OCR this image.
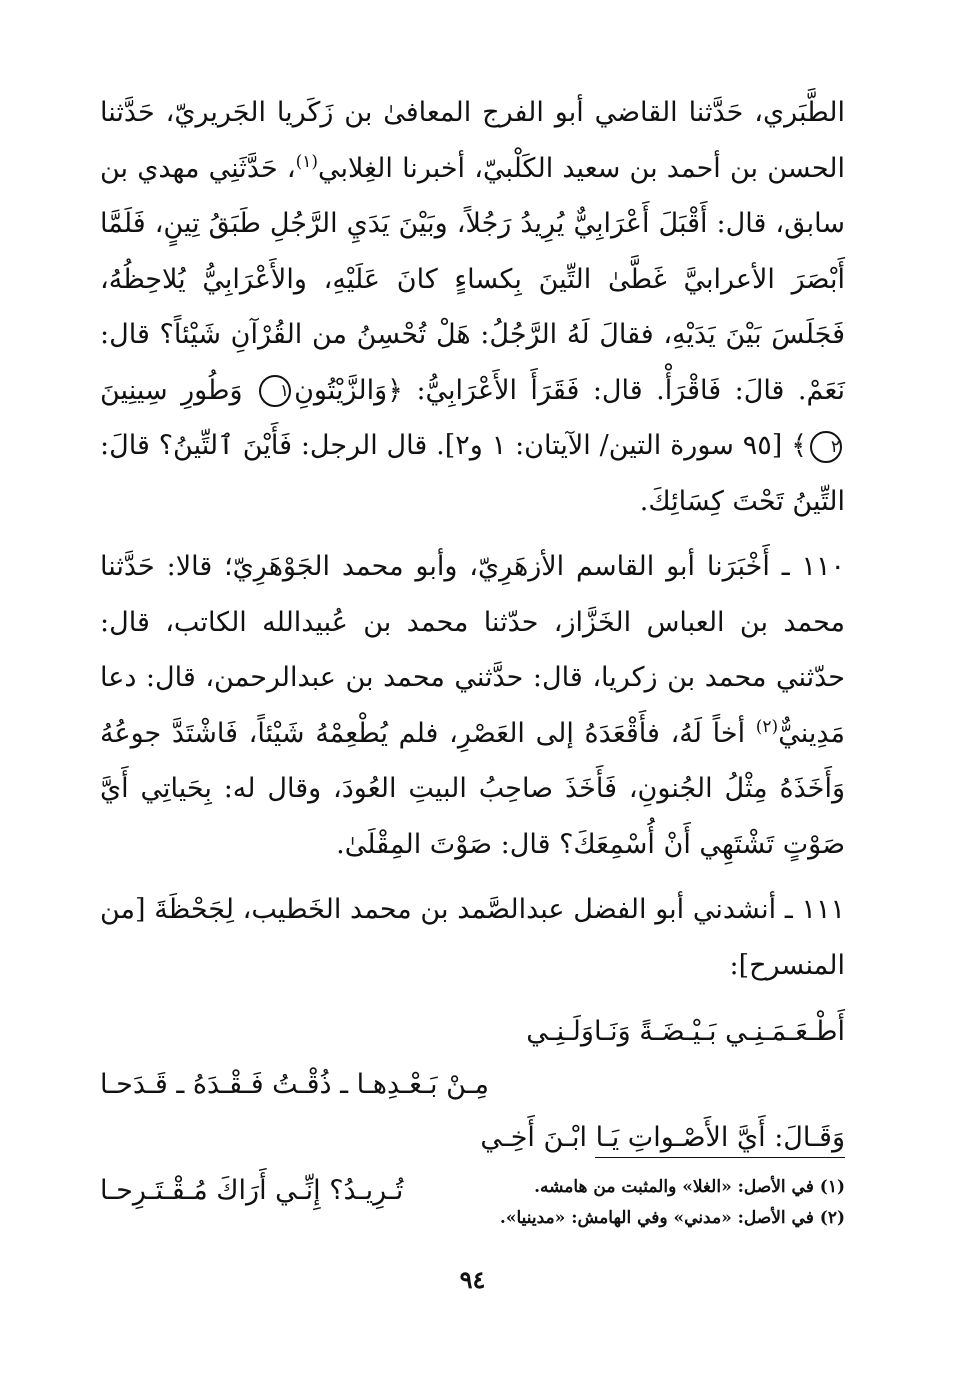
الطَّبَري، حَدَّثنا القاضي أبو الفرج المعافىٰ بن زَكَريا الجَريريّ، حَدَّثنا الحسن بن أحمد بن سعيد الكَلْبيّ، أخبرنا الغِلابي$^{(١)}$، حَدَّثَنِي مهدي بن سابق، قال: أَقْبَلَ أَعْرَابِيٌّ يُرِيدُ رَجُلاً، وبَيْنَ يَدَيِ الرَّجُلِ طَبَقُ تِينٍ، فَلَمَّا أَبْصَرَ الأعرابيَّ غَطَّىٰ التِّينَ بِكساءٍ كانَ عَلَيْهِ، والأَعْرَابِيُّ يُلاحِظُهُ، فَجَلَسَ بَيْنَ يَدَيْهِ، فقالَ لَهُ الرَّجُلُ: هَلْ تُحْسِنُ من القُرْآنِ شَيْئاً؟ قال: نَعَمْ. قالَ: فَاقْرَأْ. قال: فَقَرَأَ الأَعْرَابِيُّ: ﴿وَالزَّيْتُونِ١ وَطُورِ سِينِينَ ٢﴾ [٩٥ سورة التين/ الآيتان: ١ و٢]. قال الرجل: فَأَيْنَ ٱلتِّينُ؟ قالَ: التِّينُ تَحْتَ كِسَائِكَ.

١١٠ ـ أَخْبَرَنا أبو القاسم الأزهَرِيّ، وأبو محمد الجَوْهَرِيّ؛ قالا: حَدَّثنا محمد بن العباس الخَزَّاز، حدّثنا محمد بن عُبيدالله الكاتب، قال: حدّثني محمد بن زكريا، قال: حدَّثني محمد بن عبدالرحمن، قال: دعا مَدِينيٌّ$^{(٢)}$ أخاً لَهُ، فأَقْعَدَهُ إلى العَصْرِ، فلم يُطْعِمْهُ شَيْئاً، فَاشْتَدَّ جوعُهُ وَأَخَذَهُ مِثْلُ الجُنونِ، فَأَخَذَ صاحِبُ البيتِ العُودَ، وقال له: بِحَياتِي أَيَّ صَوْتٍ تَشْتَهِي أَنْ أُسْمِعَكَ؟ قال: صَوْتَ المِقْلَىٰ.

١١١ ـ أنشدني أبو الفضل عبدالصَّمد بن محمد الخَطيب، لِجَحْظَةَ [من المنسرح]:

أَطْـعَـمَـنِـي بَـيْـضَـةً وَنَـاوَلَـنِـي
مِـنْ بَـعْـدِهـا ـ ذُقْـتُ فَـقْـدَهُ ـ قَـدَحـا
وَقَـالَ: أَيَّ الأَصْـواتِ يَـا ابْـنَ أَخِـي
تُـرِيـدُ؟ إِنِّـي أَرَاكَ مُـقْـتَـرِحـا	(١) في الأصل: «الغلا» والمثبت من هامشه.
(٢) في الأصل: «مدني» وفي الهامش: «مدينيا».
٩٤
